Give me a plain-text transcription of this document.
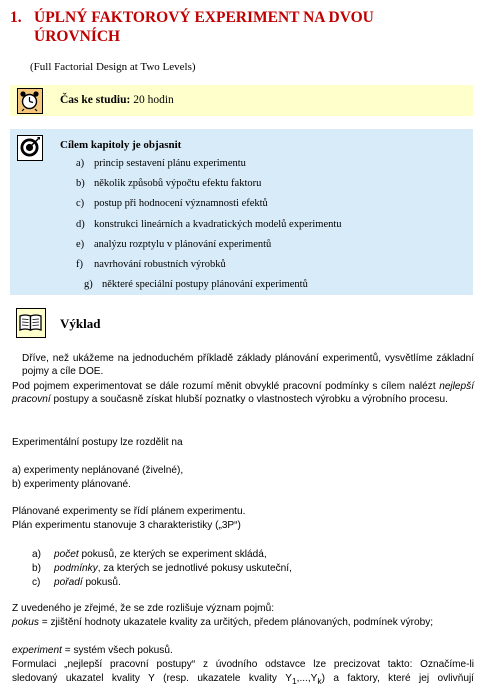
1. ÚPLNÝ FAKTOROVÝ EXPERIMENT NA DVOU ÚROVNÍCH
(Full Factorial Design at Two Levels)
Čas ke studiu: 20 hodin
Cílem kapitoly je objasnit
a) princip sestavení plánu experimentu
b) několik způsobů výpočtu efektu faktoru
c) postup při hodnocení významnosti efektů
d) konstrukci lineárních a kvadratických modelů experimentu
e) analýzu rozptylu v plánování experimentů
f) navrhování robustních výrobků
g) některé speciální postupy plánování experimentů
Výklad
Dříve, než ukážeme na jednoduchém příkladě základy plánování experimentů, vysvětlíme základní pojmy a cíle DOE.
Pod pojmem experimentovat se dále rozumí měnit obvyklé pracovní podmínky s cílem nalézt nejlepší pracovní postupy a současně získat hlubší poznatky o vlastnostech výrobku a výrobního procesu.
Experimentální postupy lze rozdělit na
a) experimenty neplánované (živelné),
b) experimenty plánované.
Plánované experimenty se řídí plánem experimentu.
Plán experimentu stanovuje 3 charakteristiky („3P“)
a) počet pokusů, ze kterých se experiment skládá,
b) podmínky, za kterých se jednotlivé pokusy uskuteční,
c) pořadí pokusů.
Z uvedeného je zřejmé, že se zde rozlišuje význam pojmů:
pokus = zjištění hodnoty ukazatele kvality za určitých, předem plánovaných, podmínek výroby;
experiment = systém všech pokusů.
Formulaci „nejlepší pracovní postupy“ z úvodního odstavce lze precizovat takto: Označíme-li
sledovaný ukazatel kvality Y (resp. ukazatele kvality $Y_1,...,Y_k$) a faktory, které jej ovlivňují
